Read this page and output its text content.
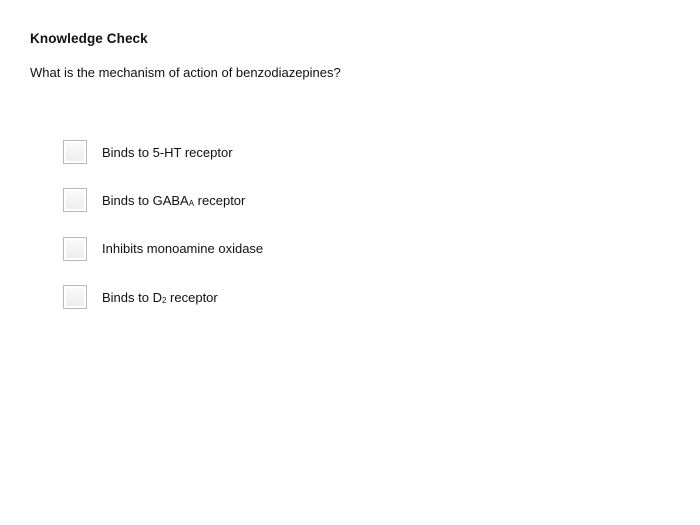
Knowledge Check
What is the mechanism of action of benzodiazepines?
Binds to 5-HT receptor
Binds to $GABA_A$ receptor
Inhibits monoamine oxidase
Binds to $D_2$ receptor
